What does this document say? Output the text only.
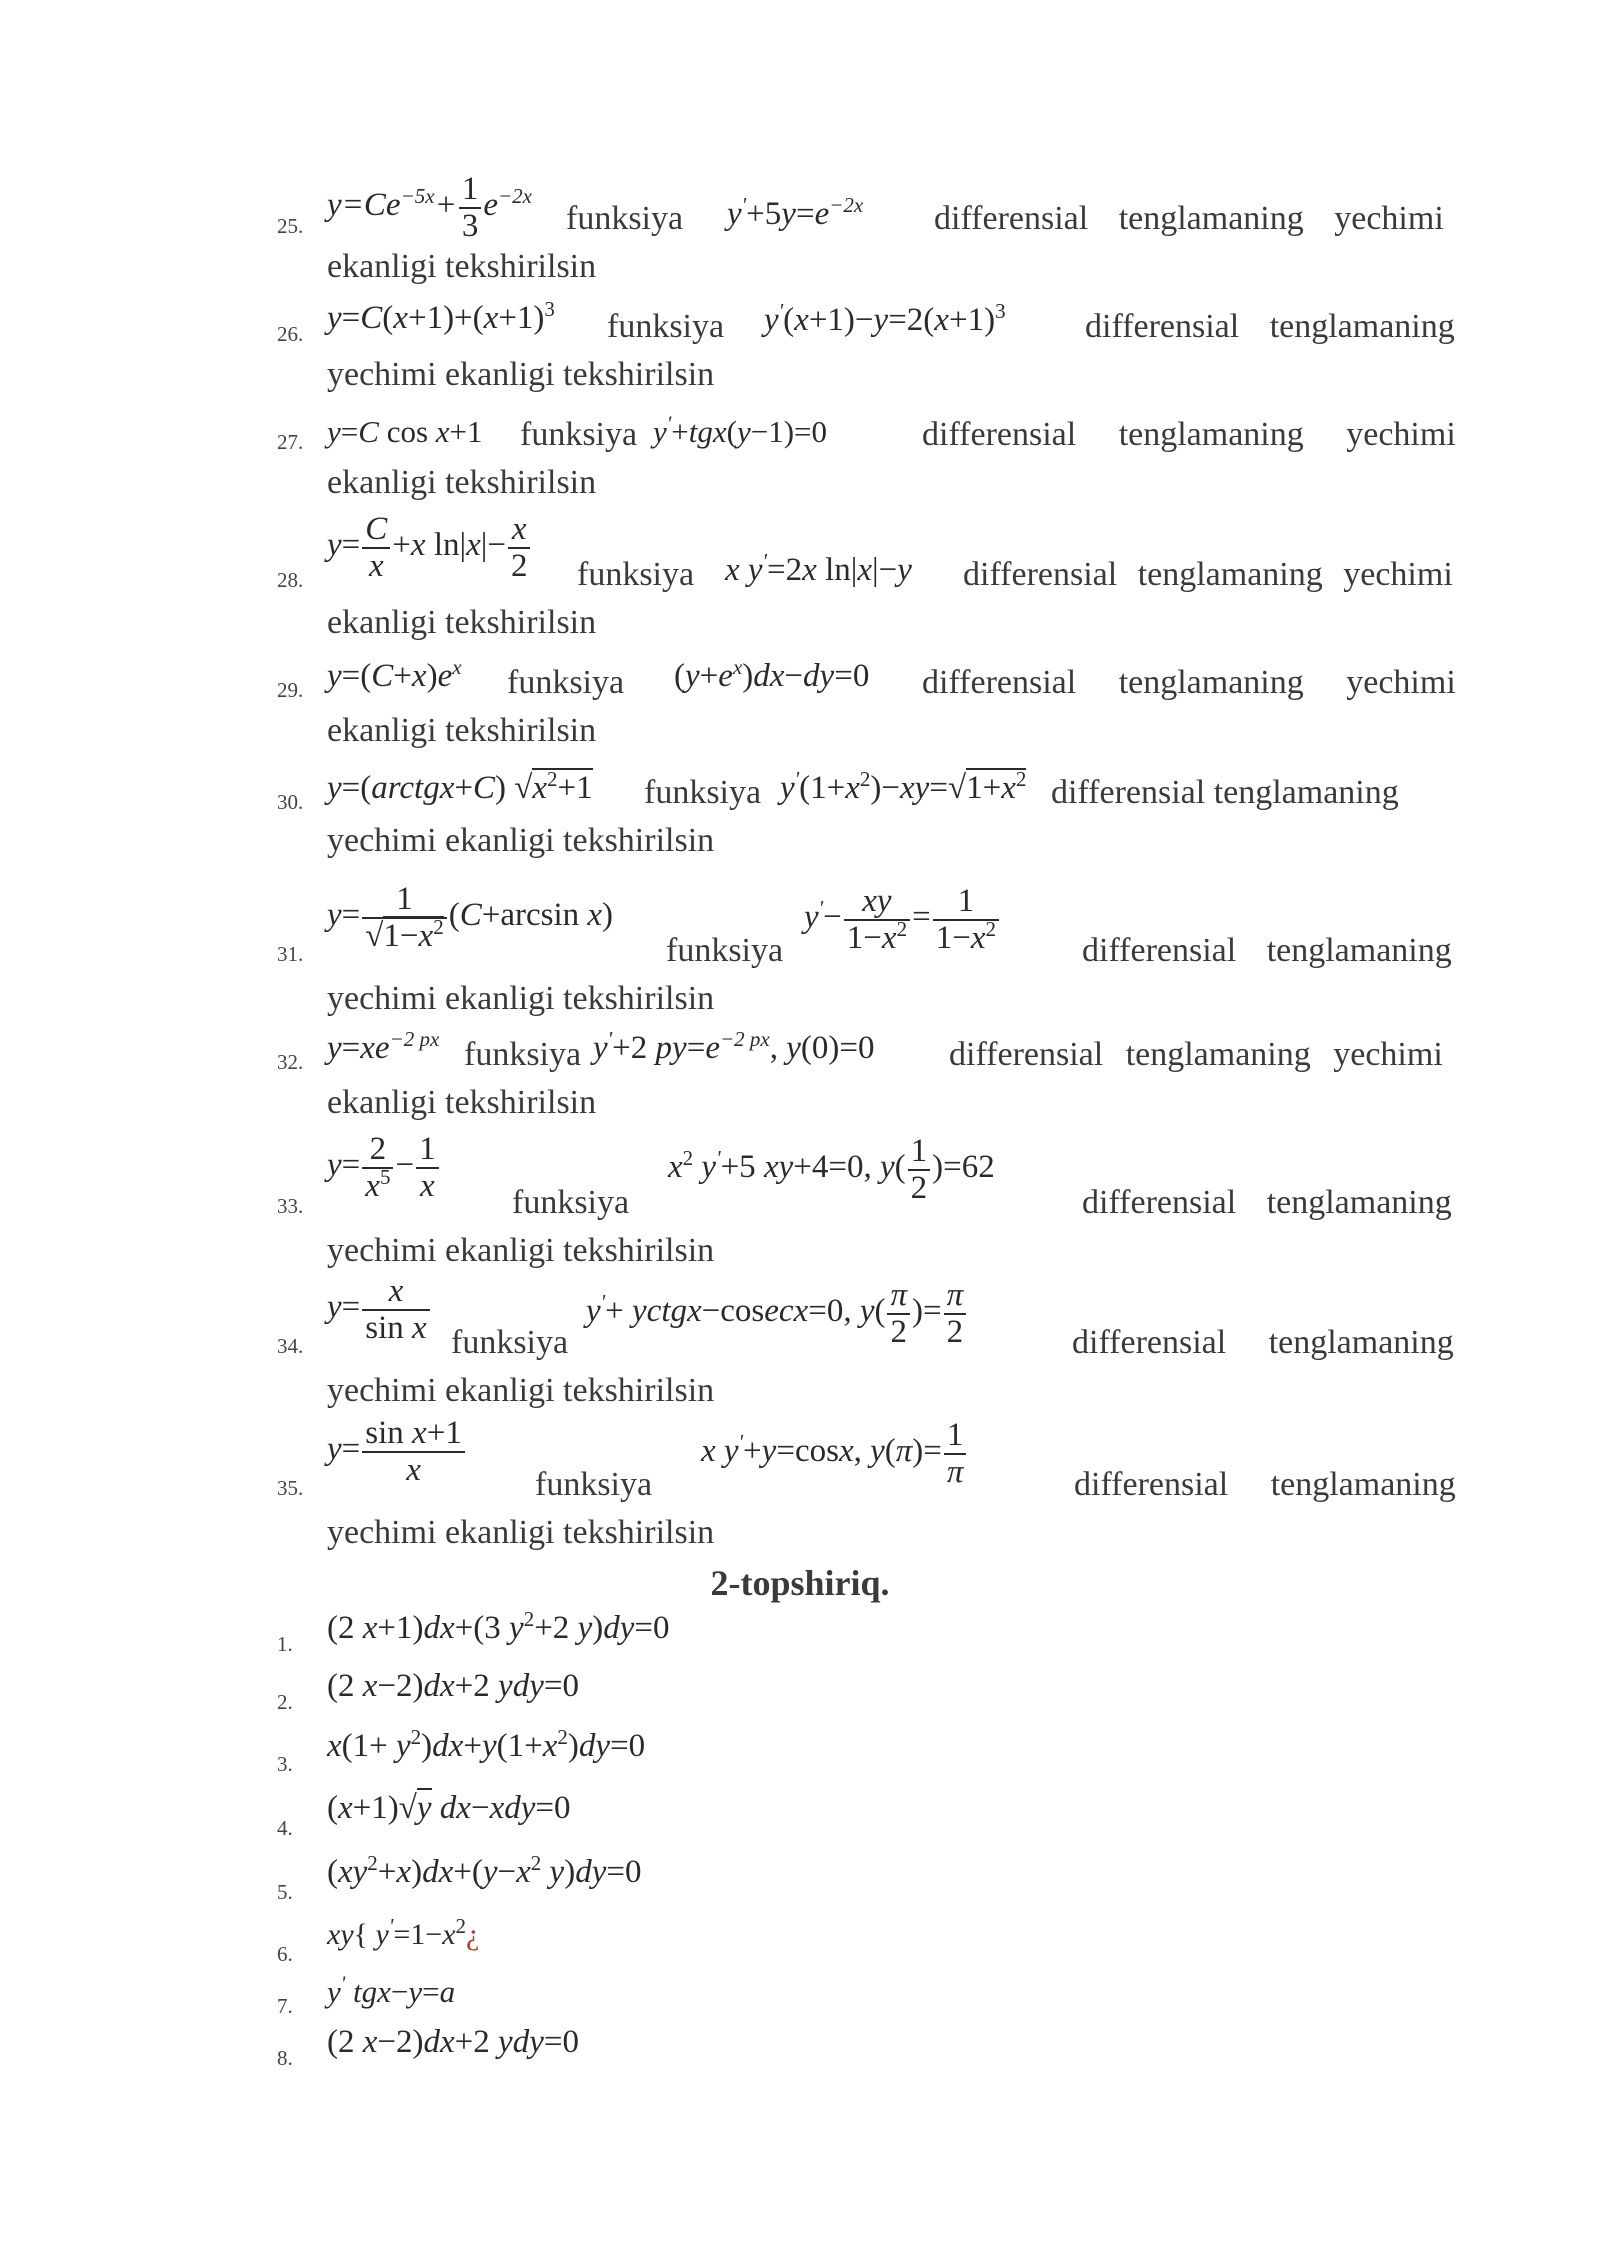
25.
$y=Ce^{-5x}+ \frac{1}{3} e^{-2x}$
funksiya $y'+5y=e^{-2x}$ differensial tenglamaning yechimi
ekanligi tekshirilsin
26. $y=C(x+1)+(x+1)^3$ funksiya $y'(x+1)-y=2(x+1)^3$ differensial tenglamaning
yechimi ekanligi tekshirilsin
27. y=C cos x+1 funksiya y'+tgx(y−1)=0	differensial tenglamaning yechimi
ekanligi tekshirilsin
28.
$y= \frac{C}{x} +x$ $\ln|x|- \frac{x}{2}$ funksiya x y'=2x ln|x|−y differensial tenglamaning yechimi
ekanligi tekshirilsin
29. $y=(C+x)e^x$ funksiya $(y+e^x)dx-dy=0$ differensial tenglamaning yechimi
ekanligi tekshirilsin
30. y=(arctgx+C) $√x^2+1$ funksiya $y'(1+x^2)-xy=√1+x^2$ differensial tenglamaning
yechimi ekanligi tekshirilsin
31.
$y= \frac{1}{√1-x^2} (C+\arcsin$ x)
funksiya
$y'- \frac{xy}{1-x^2} = \frac{1}{1-x^2}$ differensial tenglamaning
yechimi ekanligi tekshirilsin
32. $y=xe^{-2 px}$ funksiya y'+2 $py=e^{-2 px}$, y(0)=0 differensial tenglamaning yechimi
ekanligi tekshirilsin
33.
$y= \frac{2}{x^5} - \frac{1}{x}$ funksiya
$x^2$ y'+5 xy+4=0, $y( \frac{1}{2} )=62$
differensial tenglamaning
yechimi ekanligi tekshirilsin
34.
$y= \frac{x}{\text{sin x}}$ funksiya
y'+ yctgx−cosecx=0, $y( \frac{\pi}{2}$ )= $\frac{\pi}{2}$	differensial tenglamaning
yechimi ekanligi tekshirilsin
35.
$y= \frac{\text{sin x+1}}{x}$ funksiya
x y'+y=cosx, $y(\pi)= \frac{1}{\pi}$	differensial tenglamaning
yechimi ekanligi tekshirilsin
2-topshiriq.
1. (2 x+1)dx+(3 $y^2+2$ y)dy=0
2. (2 x−2)dx+2 ydy=0
3. $x(1+ y^2)dx+y(1+x^2)dy=0$
4.
(x+1)√y dx−xdy=0
5.
$(xy^2+x)dx+(y-x^2$ y)dy=0
6.
xy{ $y'=1-x^2¿$
7. y' tgx−y=a
8. (2 x−2)dx+2 ydy=0
